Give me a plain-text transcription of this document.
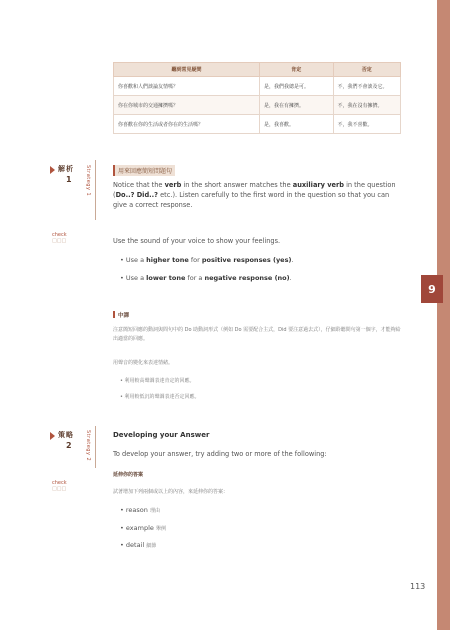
Chapter
9
詢問與回答
聽到常見疑問	肯定	否定
你喜歡和人們談論友情嗎？	是，我們我總是可。	不，我們不會談及它。
你在你城市的交通擁擠嗎？	是，我在有擁擠。	不，我在沒有擁擠。
你喜歡在你的生活或者你在的生活嗎？	是，我喜歡。	不，我不喜歡。
解析
1	Strategy 1
check
□□□
用來回應簡短問題句
Notice that the verb in the short answer matches the auxiliary verb in the question (Do..? Did..? etc.). Listen carefully to the first word in the question so that you can give a correct response.
Use the sound of your voice to show your feelings.
• Use a higher tone for positive responses (yes).
• Use a lower tone for a negative response (no).
中譯
注意簡短回應的動詞與問句中的 Do 助動詞形式（例如 Do 需要配合主式，Did 要注意過去式），仔細聆聽問句第一個字，才能夠給出適當的回應。
用聲音的變化來表達情緒。
• 利用較高聲調表達肯定的回應。
• 利用較低沉的聲調表達否定回應。
策略
2	Strategy 2
check
□□□
Developing your Answer
To develop your answer, try adding two or more of the following:
延伸你的答案
試著增加下列兩個或以上的內容，來延伸你的答案：
• reason 理由
• example 舉例
• detail 細節
113
